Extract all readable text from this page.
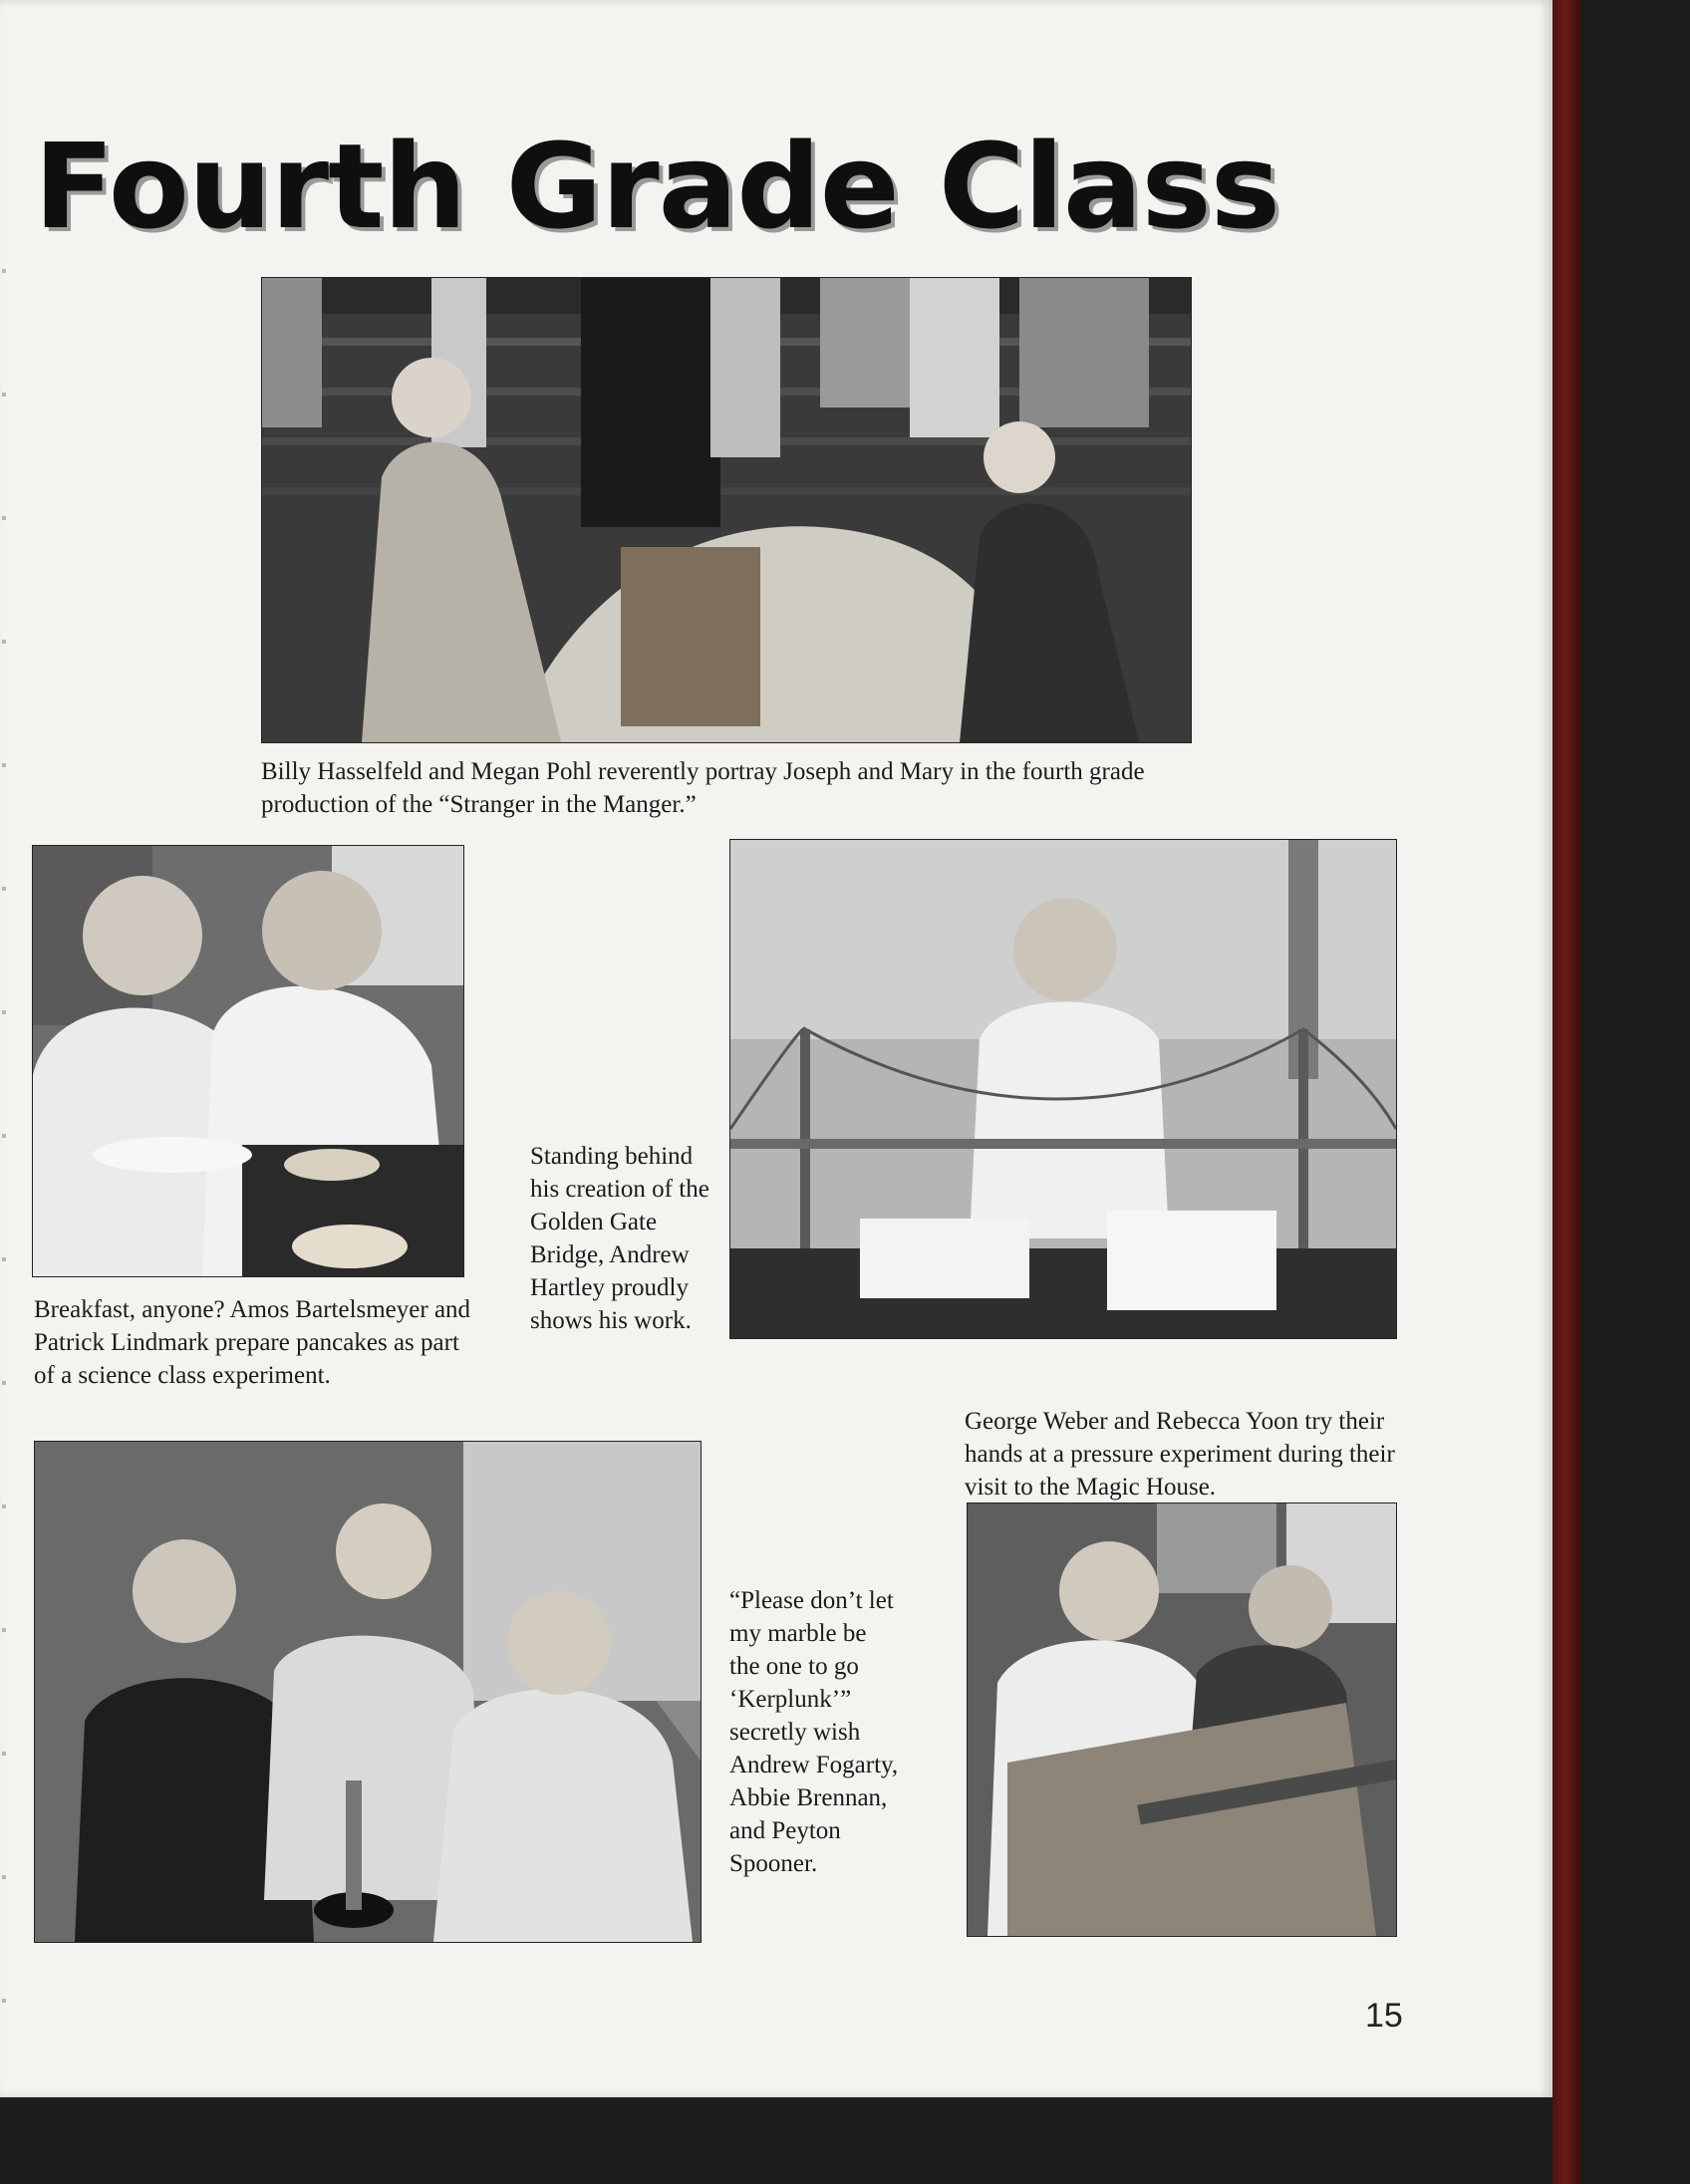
Fourth Grade Class

Billy Hasselfeld and Megan Pohl reverently portray Joseph and Mary in the fourth grade production of the “Stranger in the Manger.”

Breakfast, anyone? Amos Bartelsmeyer and Patrick Lindmark prepare pancakes as part of a science class experiment.

Standing behind his creation of the Golden Gate Bridge, Andrew Hartley proudly shows his work.

George Weber and Rebecca Yoon try their hands at a pressure experiment during their visit to the Magic House.

“Please don’t let my marble be the one to go ‘Kerplunk’” secretly wish Andrew Fogarty, Abbie Brennan, and Peyton Spooner.

15
